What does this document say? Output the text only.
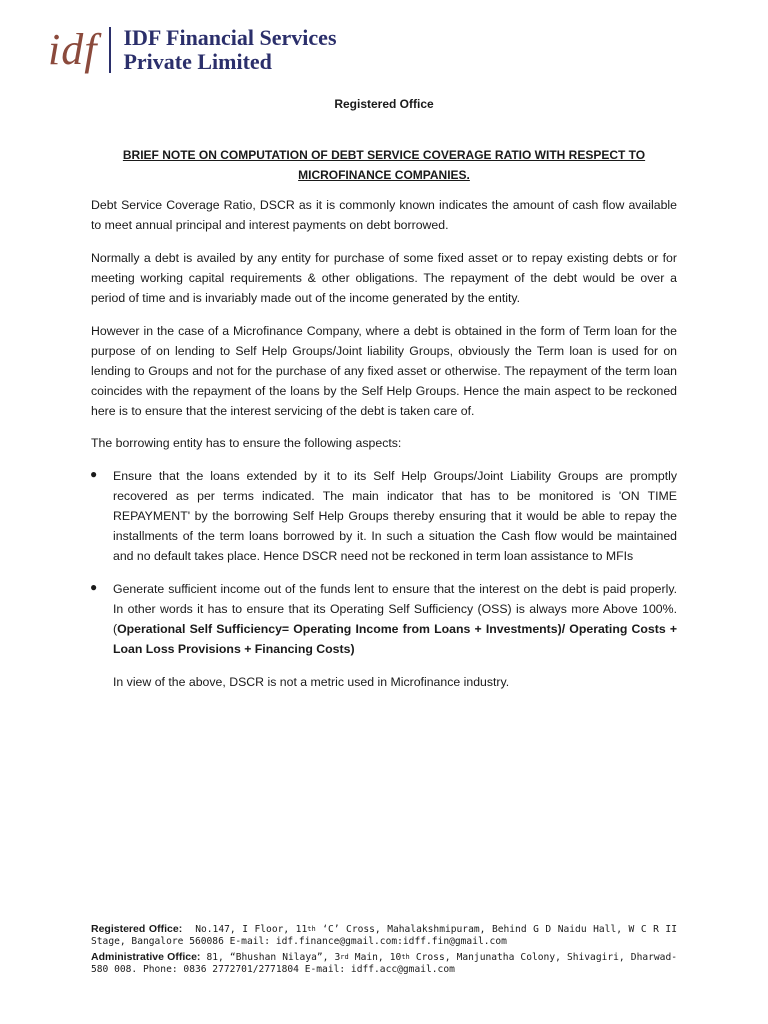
idf IDF Financial Services
Private Limited
Registered Office
BRIEF NOTE ON COMPUTATION OF DEBT SERVICE COVERAGE RATIO WITH RESPECT TO
MICROFINANCE COMPANIES.
Debt Service Coverage Ratio, DSCR as it is commonly known indicates the amount of cash flow available to meet annual principal and interest payments on debt borrowed.
Normally a debt is availed by any entity for purchase of some fixed asset or to repay existing debts or for meeting working capital requirements & other obligations. The repayment of the debt would be over a period of time and is invariably made out of the income generated by the entity.
However in the case of a Microfinance Company, where a debt is obtained in the form of Term loan for the purpose of on lending to Self Help Groups/Joint liability Groups, obviously the Term loan is used for on lending to Groups and not for the purchase of any fixed asset or otherwise. The repayment of the term loan coincides with the repayment of the loans by the Self Help Groups. Hence the main aspect to be reckoned here is to ensure that the interest servicing of the debt is taken care of.
The borrowing entity has to ensure the following aspects:
● Ensure that the loans extended by it to its Self Help Groups/Joint Liability Groups are promptly recovered as per terms indicated. The main indicator that has to be monitored is 'ON TIME REPAYMENT' by the borrowing Self Help Groups thereby ensuring that it would be able to repay the installments of the term loans borrowed by it. In such a situation the Cash flow would be maintained and no default takes place. Hence DSCR need not be reckoned in term loan assistance to MFIs
● Generate sufficient income out of the funds lent to ensure that the interest on the debt is paid properly. In other words it has to ensure that its Operating Self Sufficiency (OSS) is always more Above 100%. (Operational Self Sufficiency= Operating Income from Loans + Investments)/ Operating Costs + Loan Loss Provisions + Financing Costs)
In view of the above, DSCR is not a metric used in Microfinance industry.
Registered Office: No.147, I Floor, 11th ‘C’ Cross, Mahalakshmipuram, Behind G D Naidu Hall, W C R II Stage, Bangalore 560086 E-mail: idf.finance@gmail.com:idff.fin@gmail.com
Administrative Office: 81, “Bhushan Nilaya”, 3rd Main, 10th Cross, Manjunatha Colony, Shivagiri, Dharwad-580 008. Phone: 0836 2772701/2771804 E-mail: idff.acc@gmail.com
